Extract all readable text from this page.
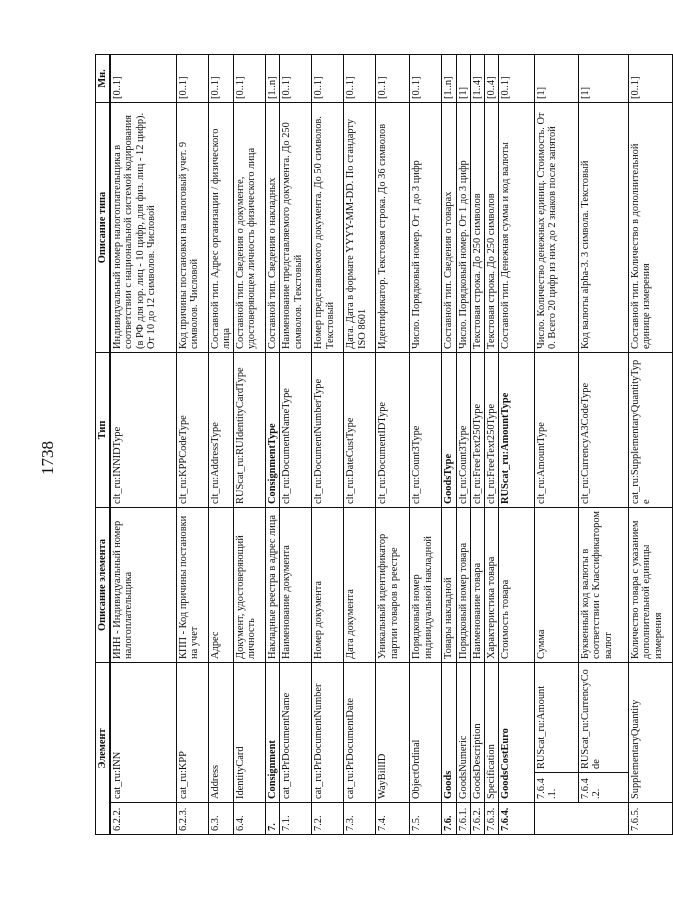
1738
Элемент			Описание элемента	Тип	Описание типа	Мн.
6.2.2.	cat_ru:INN		ИНН - Индивидуальный номер налогоплательщика	clt_ru:INNIDType	Индивидуальный номер налогоплательщика в соответствии с национальной системой кодирования (в РФ для юр. лиц - 10 цифр, для физ. лиц - 12 цифр). От 10 до 12 символов. Числовой	[0..1]
6.2.3.	cat_ru:KPP		КПП - Код причины постановки на учет	clt_ru:KPPCodeType	Код причины постановки на налоговый учет. 9 символов. Числовой	[0..1]
6.3.	Address		Адрес	clt_ru:AddressType	Составной тип. Адрес организации / физического лица	[0..1]
6.4.	IdentityCard		Документ, удостоверяющий личность	RUScat_ru:RUIdentityCardType	Составной тип. Сведения о документе, удостоверяющем личность физического лица	[0..1]
7.	Consignment		Накладные реестра в адрес лица	ConsignmentType	Составной тип. Сведения о накладных	[1..n]
7.1.	cat_ru:PrDocumentName		Наименование документа	clt_ru:DocumentNameType	Наименование представляемого документа. До 250 символов. Текстовый	[0..1]
7.2.	cat_ru:PrDocumentNumber		Номер документа	clt_ru:DocumentNumberType	Номер представляемого документа. До 50 символов. Текстовый	[0..1]
7.3.	cat_ru:PrDocumentDate		Дата документа	clt_ru:DateCustType	Дата. Дата в формате YYYY-MM-DD. По стандарту ISO 8601	[0..1]
7.4.	WayBillID		Уникальный идентификатор партии товаров в реестре	clt_ru:DocumentIDType	Идентификатор. Текстовая строка. До 36 символов	[0..1]
7.5.	ObjectOrdinal		Порядковый номер индивидуальной накладной	clt_ru:Count3Type	Число. Порядковый номер. От 1 до 3 цифр	[0..1]
7.6.	Goods		Товары накладной	GoodsType	Составной тип. Сведения о товарах	[1..n]
7.6.1.	GoodsNumeric		Порядковый номер товара	clt_ru:Count3Type	Число. Порядковый номер. От 1 до 3 цифр	[1]
7.6.2.	GoodsDescription		Наименование товара	clt_ru:FreeText250Type	Текстовая строка. До 250 символов	[1..4]
7.6.3.	Specification		Характеристика товара	clt_ru:FreeText250Type	Текстовая строка. До 250 символов	[0..4]
7.6.4.	GoodsCostEuro		Стоимость товара	RUScat_ru:AmountType	Составной тип. Денежная сумма и код валюты	[0..1]
	7.6.4.1.	RUScat_ru:Amount	Сумма	clt_ru:AmountType	Число. Количество денежных единиц. Стоимость. От 0. Всего 20 цифр из них до 2 знаков после запятой	[1]
	7.6.4.2.	RUScat_ru:CurrencyCode	Буквенный код валюты в соответствии с Классификатором валют	clt_ru:CurrencyA3CodeType	Код валюты alpha-3. 3 символа. Текстовый	[1]
7.6.5.	SupplementaryQuantity		Количество товара с указанием дополнительной единицы измерения	cat_ru:SupplementaryQuantityType	Составной тип. Количество в дополнительной единице измерения	[0..1]
